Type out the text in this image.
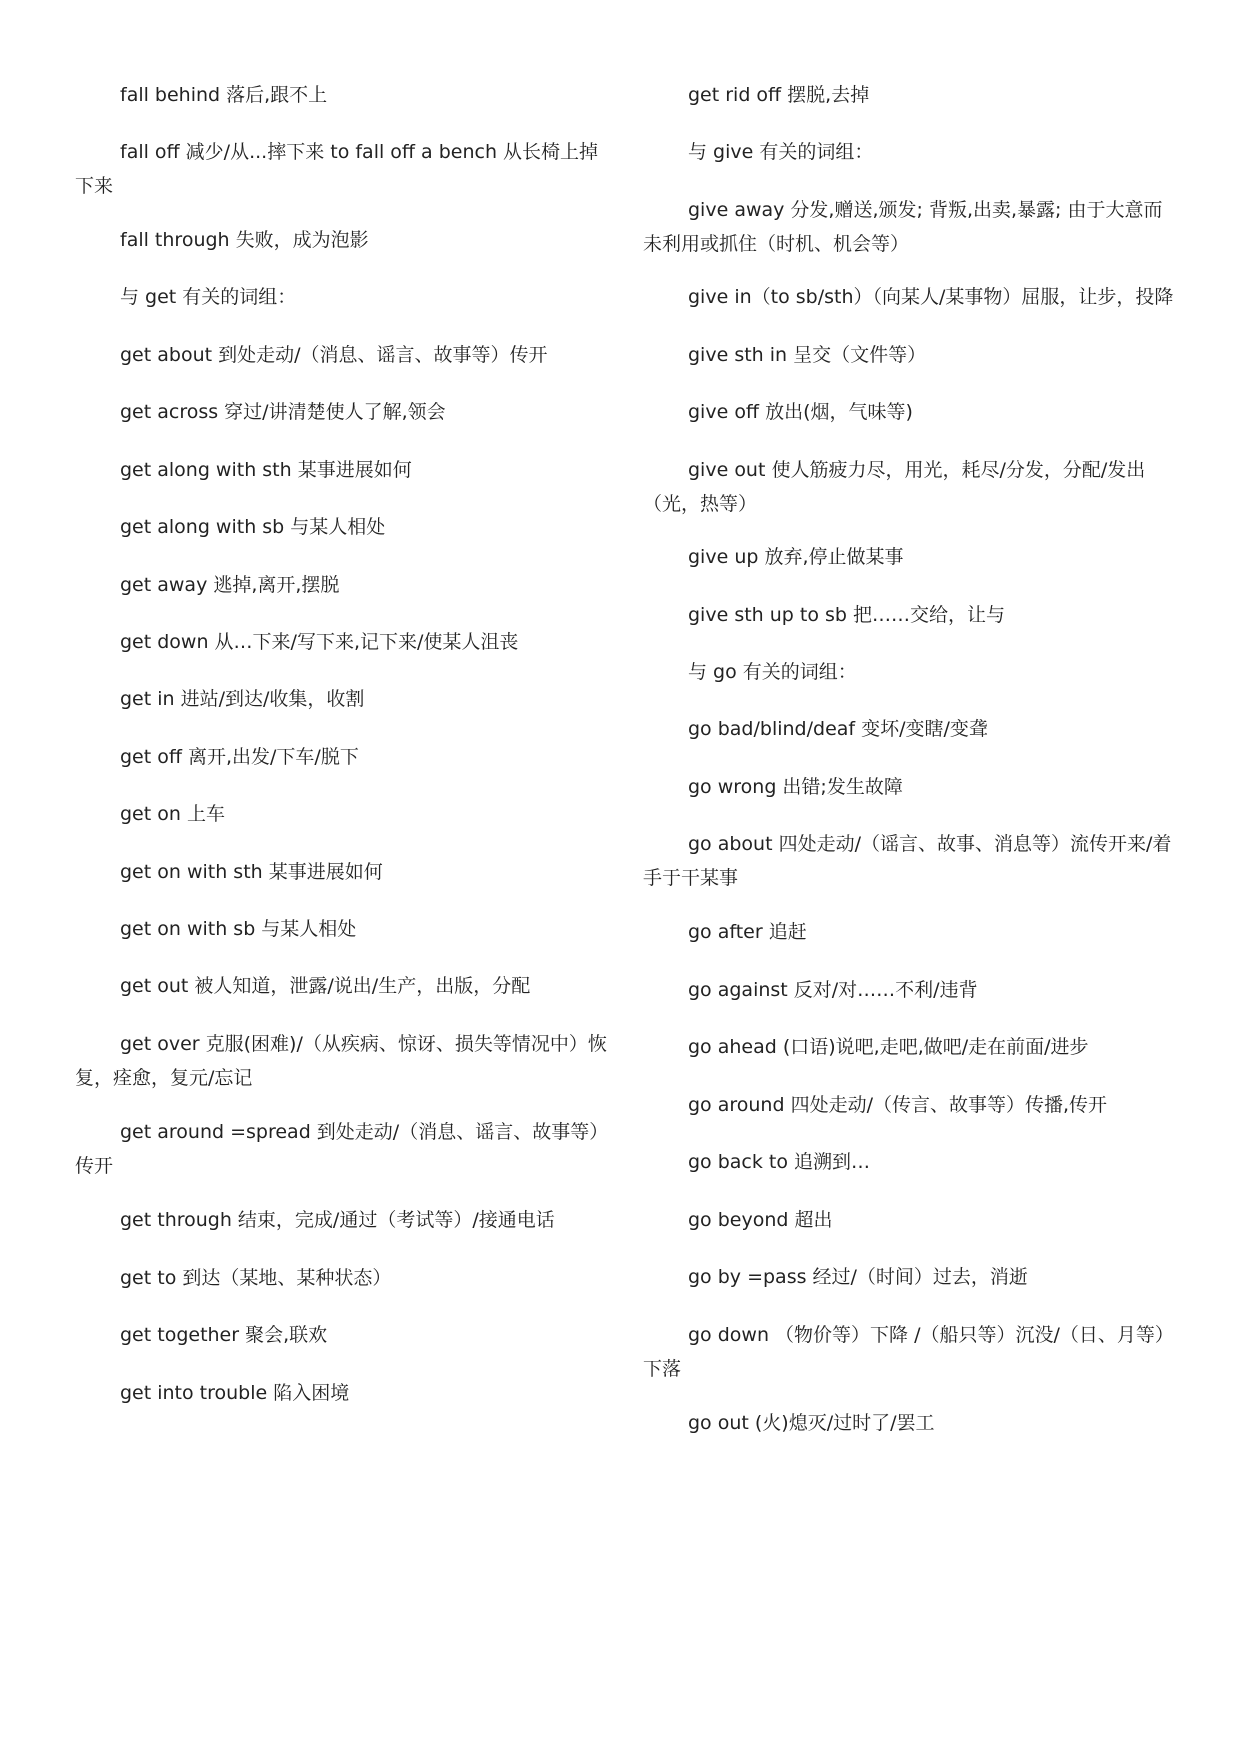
fall behind 落后,跟不上
fall off 减少/从...摔下来 to fall off a bench 从长椅上掉下来
fall through 失败，成为泡影
与 get 有关的词组：
get about 到处走动/（消息、谣言、故事等）传开
get across 穿过/讲清楚使人了解,领会
get along with sth 某事进展如何
get along with sb 与某人相处
get away 逃掉,离开,摆脱
get down 从…下来/写下来,记下来/使某人沮丧
get in 进站/到达/收集，收割
get off 离开,出发/下车/脱下
get on 上车
get on with sth 某事进展如何
get on with sb 与某人相处
get out 被人知道，泄露/说出/生产，出版，分配
get over 克服(困难)/（从疾病、惊讶、损失等情况中）恢复，痊愈，复元/忘记
get around =spread 到处走动/（消息、谣言、故事等）传开
get through 结束，完成/通过（考试等）/接通电话
get to 到达（某地、某种状态）
get together 聚会,联欢
get into trouble 陷入困境
get rid off 摆脱,去掉
与 give 有关的词组：
give away 分发,赠送,颁发; 背叛,出卖,暴露; 由于大意而未利用或抓住（时机、机会等）
give in（to sb/sth）（向某人/某事物）屈服，让步，投降
give sth in 呈交（文件等）
give off 放出(烟，气味等)
give out 使人筋疲力尽，用光，耗尽/分发，分配/发出（光，热等）
give up 放弃,停止做某事
give sth up to sb 把……交给，让与
与 go 有关的词组：
go bad/blind/deaf 变坏/变瞎/变聋
go wrong 出错;发生故障
go about 四处走动/（谣言、故事、消息等）流传开来/着手于干某事
go after 追赶
go against 反对/对……不利/违背
go ahead (口语)说吧,走吧,做吧/走在前面/进步
go around 四处走动/（传言、故事等）传播,传开
go back to 追溯到…
go beyond 超出
go by =pass 经过/（时间）过去，消逝
go down （物价等）下降 /（船只等）沉没/（日、月等）下落
go out (火)熄灭/过时了/罢工
